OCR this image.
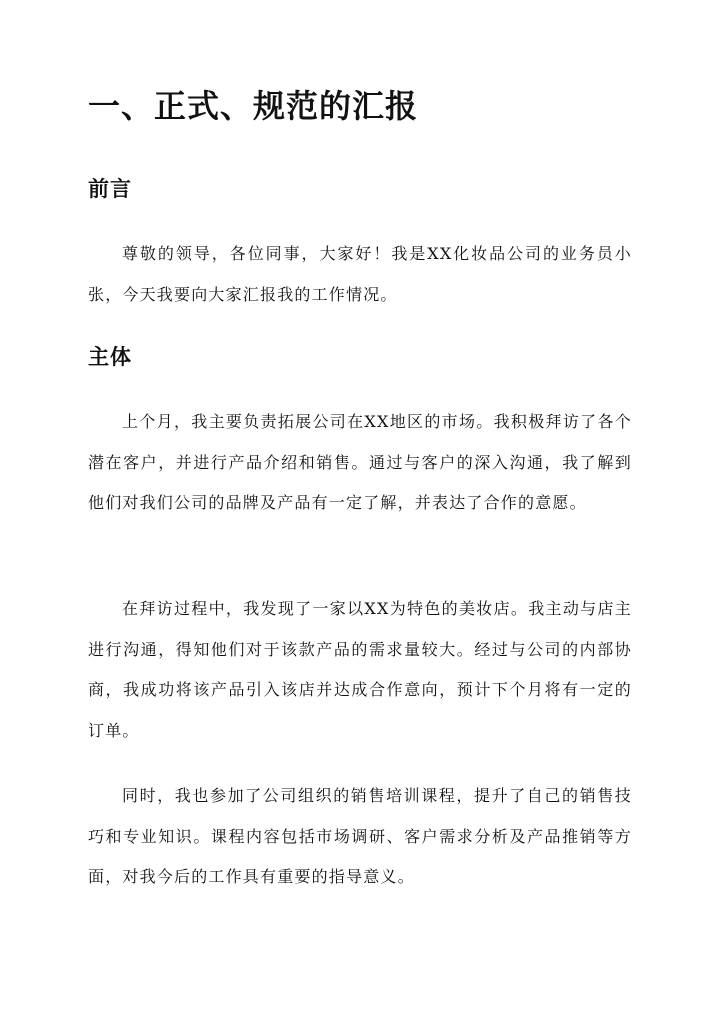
一、正式、规范的汇报
前言

尊敬的领导，各位同事，大家好！我是XX化妆品公司的业务员小张，今天我要向大家汇报我的工作情况。

主体

上个月，我主要负责拓展公司在XX地区的市场。我积极拜访了各个潜在客户，并进行产品介绍和销售。通过与客户的深入沟通，我了解到他们对我们公司的品牌及产品有一定了解，并表达了合作的意愿。

在拜访过程中，我发现了一家以XX为特色的美妆店。我主动与店主进行沟通，得知他们对于该款产品的需求量较大。经过与公司的内部协商，我成功将该产品引入该店并达成合作意向，预计下个月将有一定的订单。

同时，我也参加了公司组织的销售培训课程，提升了自己的销售技巧和专业知识。课程内容包括市场调研、客户需求分析及产品推销等方面，对我今后的工作具有重要的指导意义。
